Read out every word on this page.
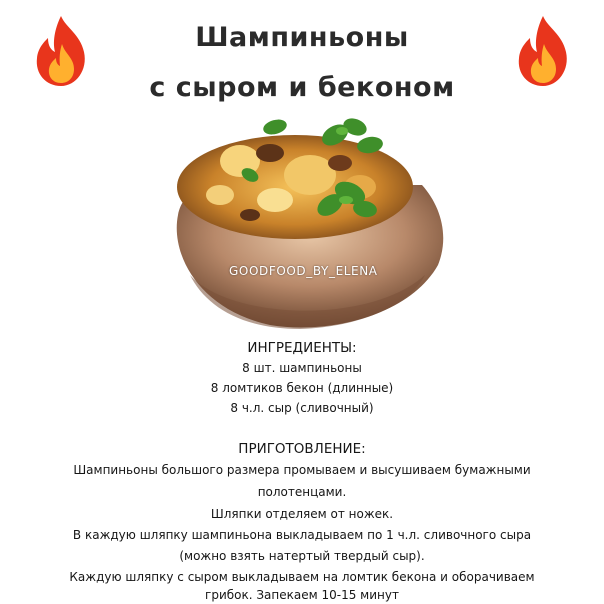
Шампиньоны
с сыром и беконом
GOODFOOD_BY_ELENA
ИНГРЕДИЕНТЫ:
8 шт. шампиньоны
8 ломтиков бекон (длинные)
8 ч.л. сыр (сливочный)
ПРИГОТОВЛЕНИЕ:
Шампиньоны большого размера промываем и высушиваем бумажными
полотенцами.
Шляпки отделяем от ножек.
В каждую шляпку шампиньона выкладываем по 1 ч.л. сливочного сыра
(можно взять натертый твердый сыр).
Каждую шляпку с сыром выкладываем на ломтик бекона и оборачиваем
грибок. Запекаем 10-15 минут
